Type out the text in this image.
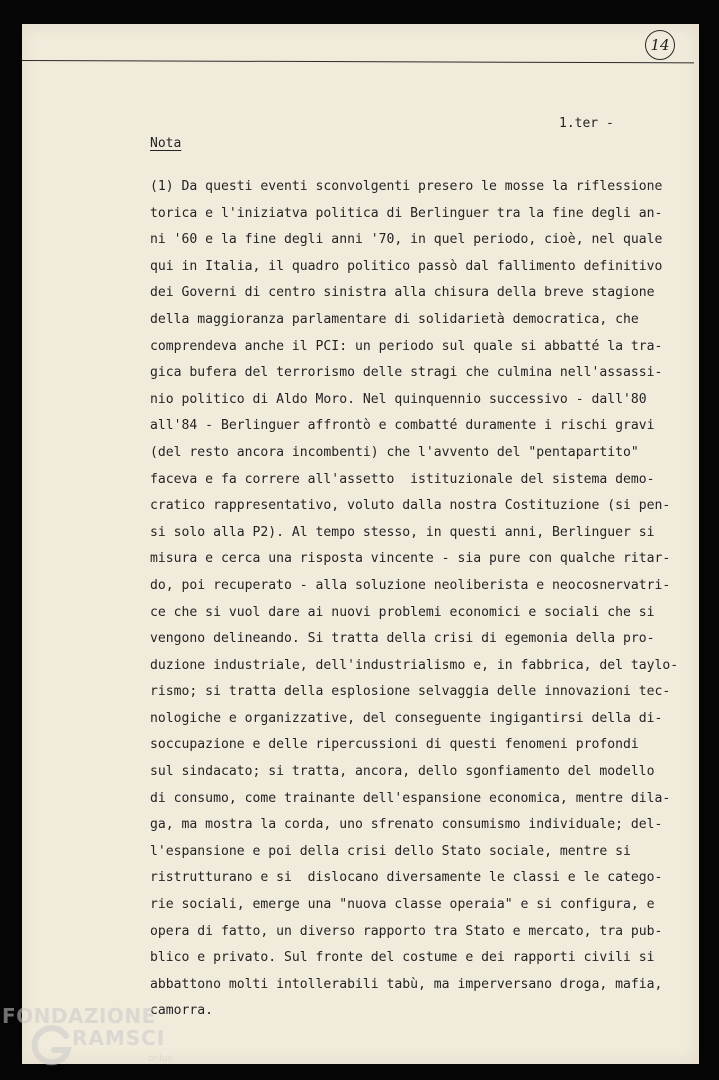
14
1.ter -
Nota
(1) Da questi eventi sconvolgenti presero le mosse la riflessione
torica e l'iniziatva politica di Berlinguer tra la fine degli an-
ni '60 e la fine degli anni '70, in quel periodo, cioè, nel quale
qui in Italia, il quadro politico passò dal fallimento definitivo
dei Governi di centro sinistra alla chisura della breve stagione
della maggioranza parlamentare di solidarietà democratica, che
comprendeva anche il PCI: un periodo sul quale si abbatté la tra-
gica bufera del terrorismo delle stragi che culmina nell'assassi-
nio politico di Aldo Moro. Nel quinquennio successivo - dall'80
all'84 - Berlinguer affrontò e combatté duramente i rischi gravi
(del resto ancora incombenti) che l'avvento del "pentapartito"
faceva e fa correre all'assetto  istituzionale del sistema demo-
cratico rappresentativo, voluto dalla nostra Costituzione (si pen-
si solo alla P2). Al tempo stesso, in questi anni, Berlinguer si
misura e cerca una risposta vincente - sia pure con qualche ritar-
do, poi recuperato - alla soluzione neoliberista e neocosnervatri-
ce che si vuol dare ai nuovi problemi economici e sociali che si
vengono delineando. Si tratta della crisi di egemonia della pro-
duzione industriale, dell'industrialismo e, in fabbrica, del taylo-
rismo; si tratta della esplosione selvaggia delle innovazioni tec-
nologiche e organizzative, del conseguente ingigantirsi della di-
soccupazione e delle ripercussioni di questi fenomeni profondi
sul sindacato; si tratta, ancora, dello sgonfiamento del modello
di consumo, come trainante dell'espansione economica, mentre dila-
ga, ma mostra la corda, uno sfrenato consumismo individuale; del-
l'espansione e poi della crisi dello Stato sociale, mentre si
ristrutturano e si  dislocano diversamente le classi e le catego-
rie sociali, emerge una "nuova classe operaia" e si configura, e
opera di fatto, un diverso rapporto tra Stato e mercato, tra pub-
blico e privato. Sul fronte del costume e dei rapporti civili si
abbattono molti intollerabili tabù, ma imperversano droga, mafia,
camorra.
FONDAZIONE
RAMSCI
onlus
